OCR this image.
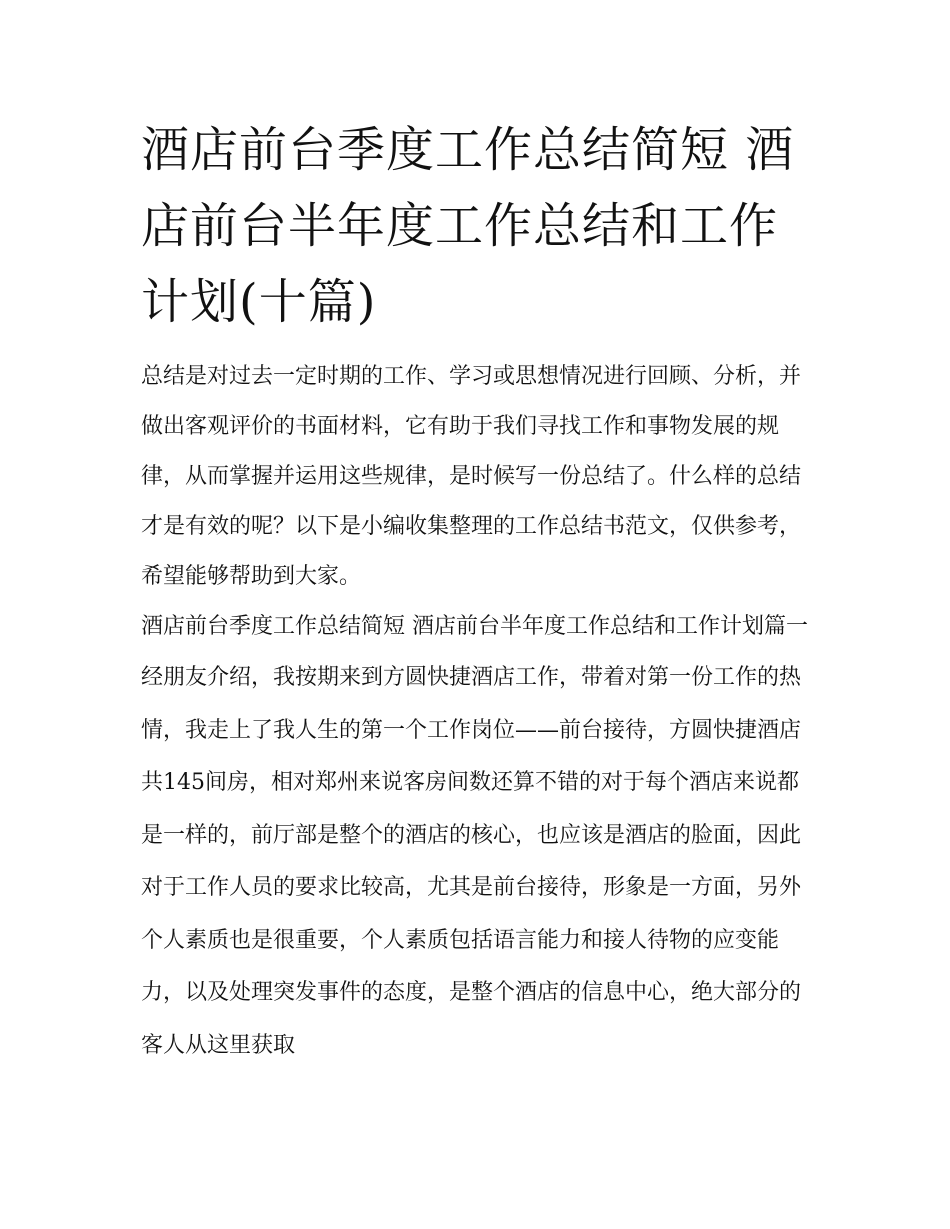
酒店前台季度工作总结简短 酒店前台半年度工作总结和工作计划(十篇)

总结是对过去一定时期的工作、学习或思想情况进行回顾、分析，并做出客观评价的书面材料，它有助于我们寻找工作和事物发展的规律，从而掌握并运用这些规律，是时候写一份总结了。什么样的总结才是有效的呢？以下是小编收集整理的工作总结书范文，仅供参考，希望能够帮助到大家。

酒店前台季度工作总结简短 酒店前台半年度工作总结和工作计划篇一

经朋友介绍，我按期来到方圆快捷酒店工作，带着对第一份工作的热情，我走上了我人生的第一个工作岗位——前台接待，方圆快捷酒店共145间房，相对郑州来说客房间数还算不错的对于每个酒店来说都是一样的，前厅部是整个的酒店的核心，也应该是酒店的脸面，因此对于工作人员的要求比较高，尤其是前台接待，形象是一方面，另外个人素质也是很重要，个人素质包括语言能力和接人待物的应变能力，以及处理突发事件的态度，是整个酒店的信息中心，绝大部分的客人从这里获取
